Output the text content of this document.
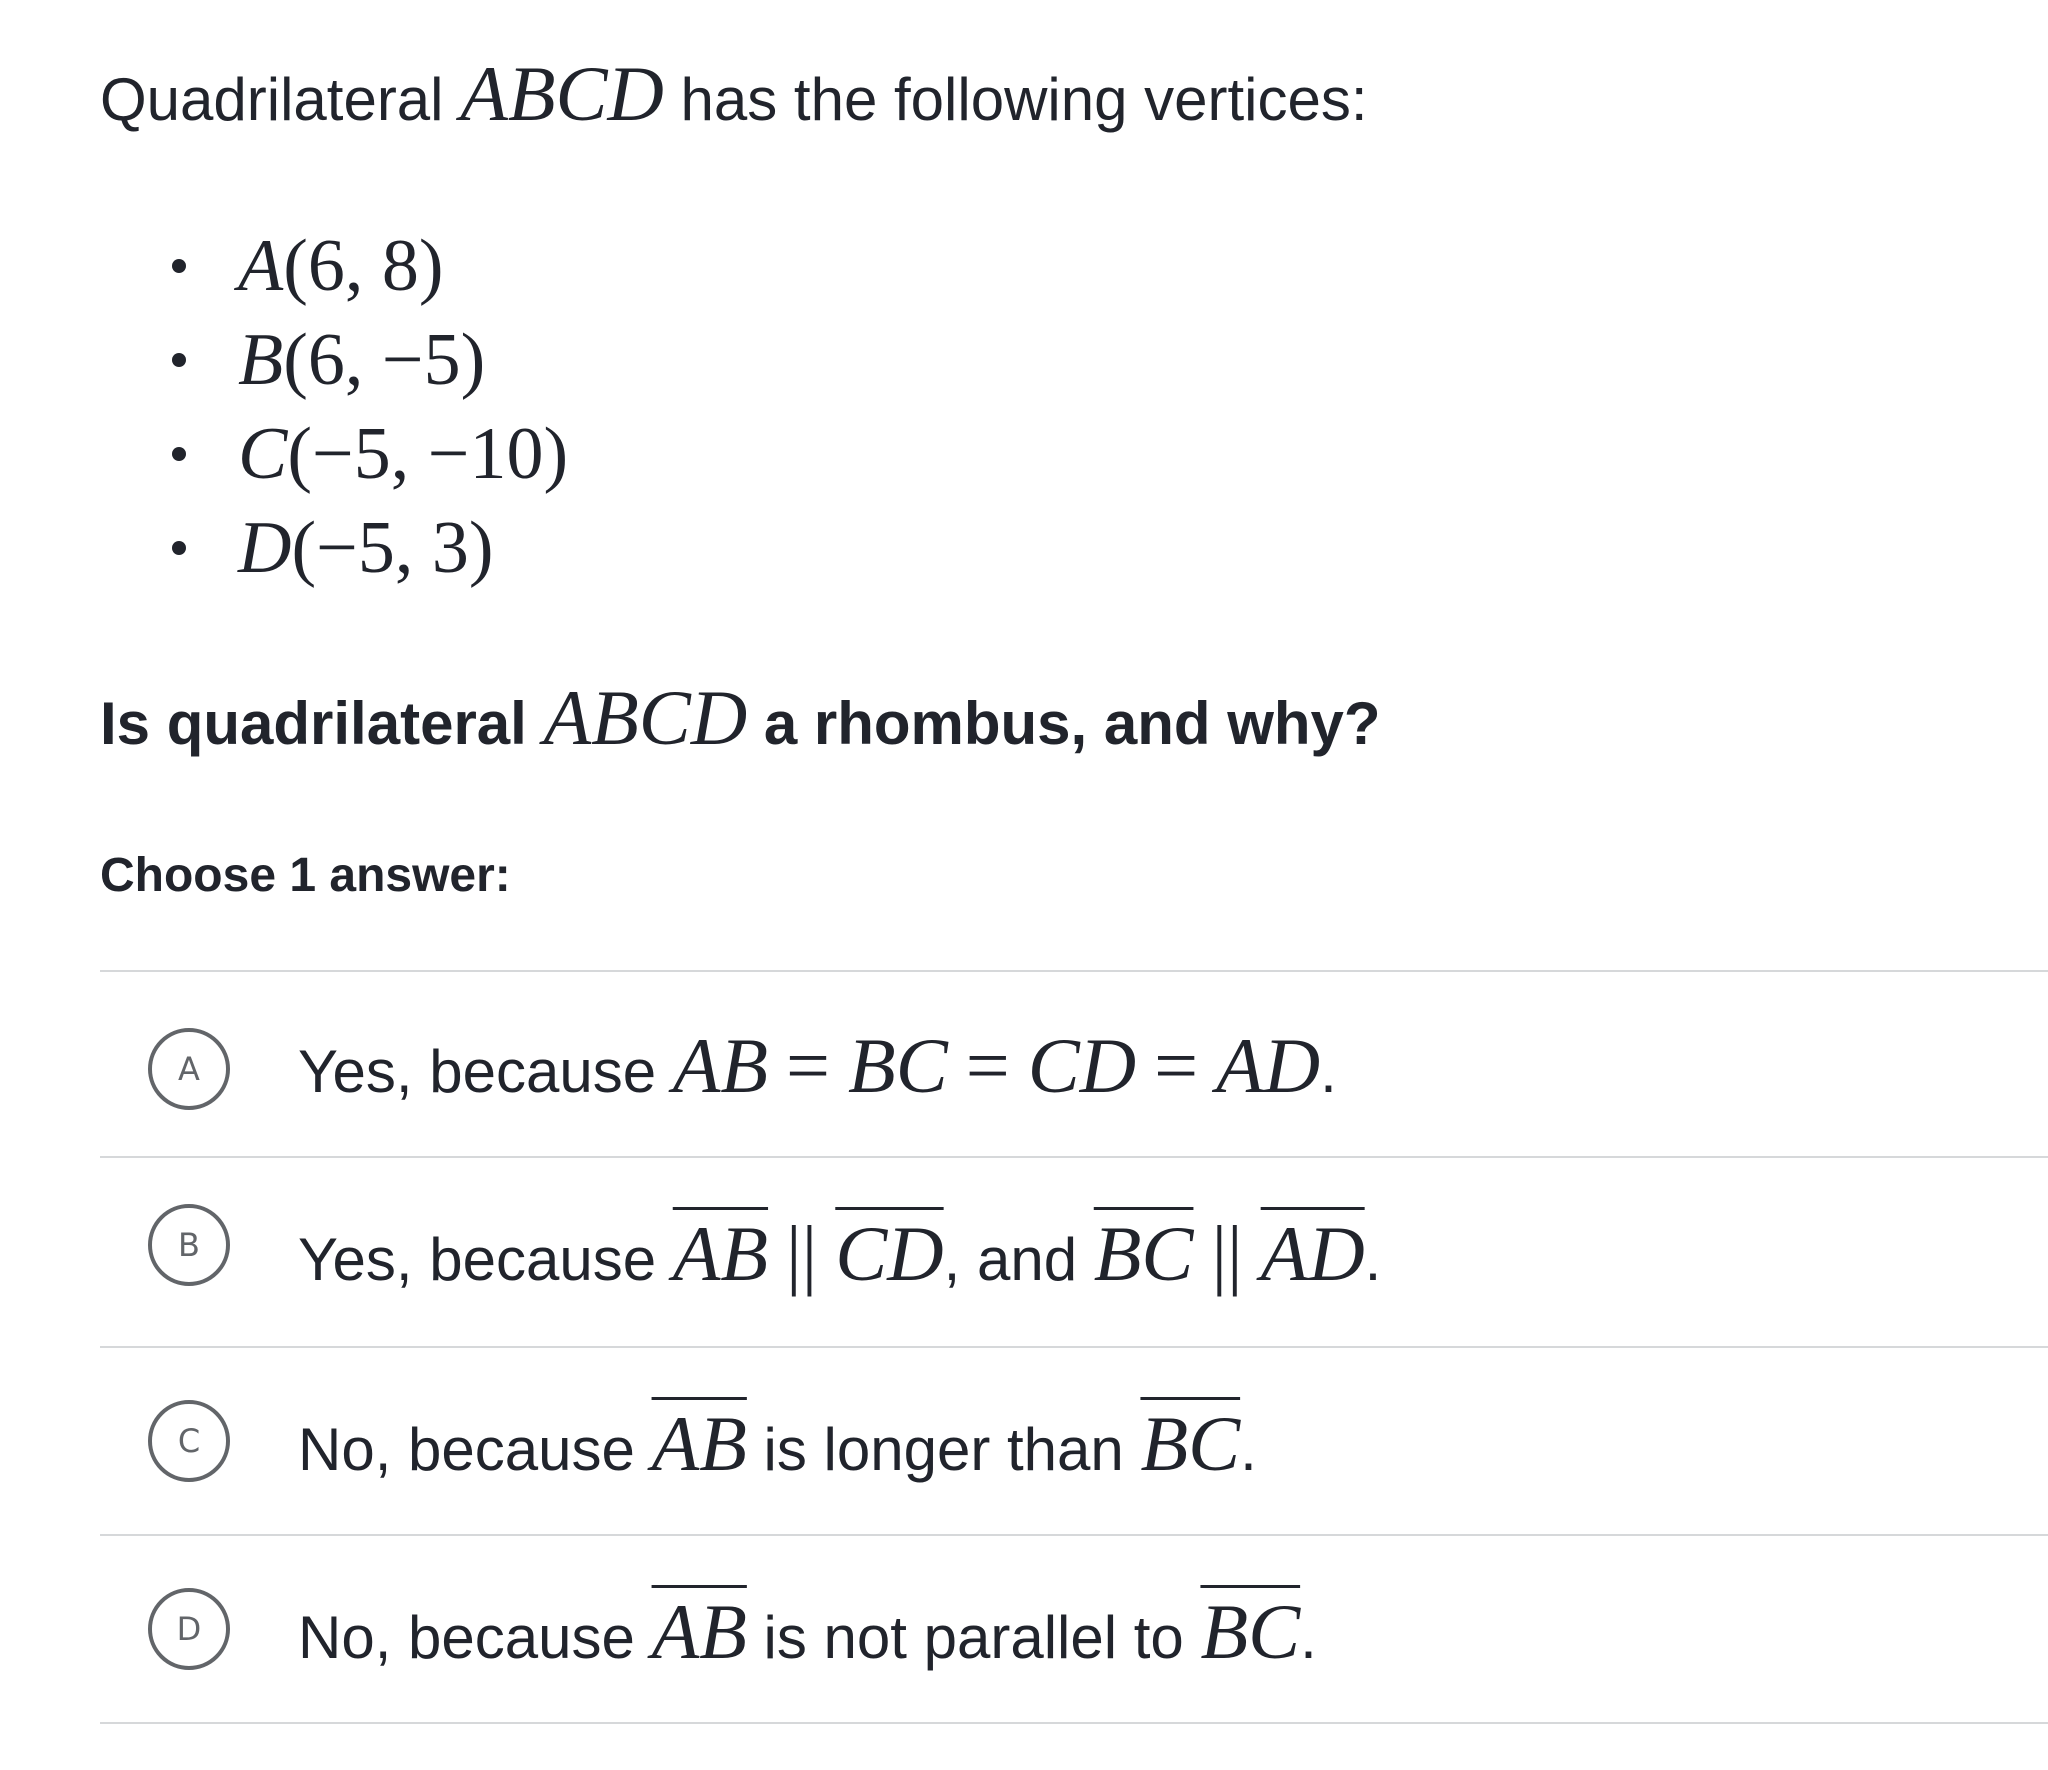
Quadrilateral ABCD has the following vertices:
A(6, 8)
B(6, −5)
C(−5, −10)
D(−5, 3)
Is quadrilateral ABCD a rhombus, and why?
Choose 1 answer:
A	Yes, because AB = BC = CD = AD.
B	Yes, because $\overline{AB}$ || $\overline{CD}$, and $\overline{BC}$ || $\overline{AD}$.
C	No, because $\overline{AB}$ is longer than $\overline{BC}$.
D	No, because $\overline{AB}$ is not parallel to $\overline{BC}$.
